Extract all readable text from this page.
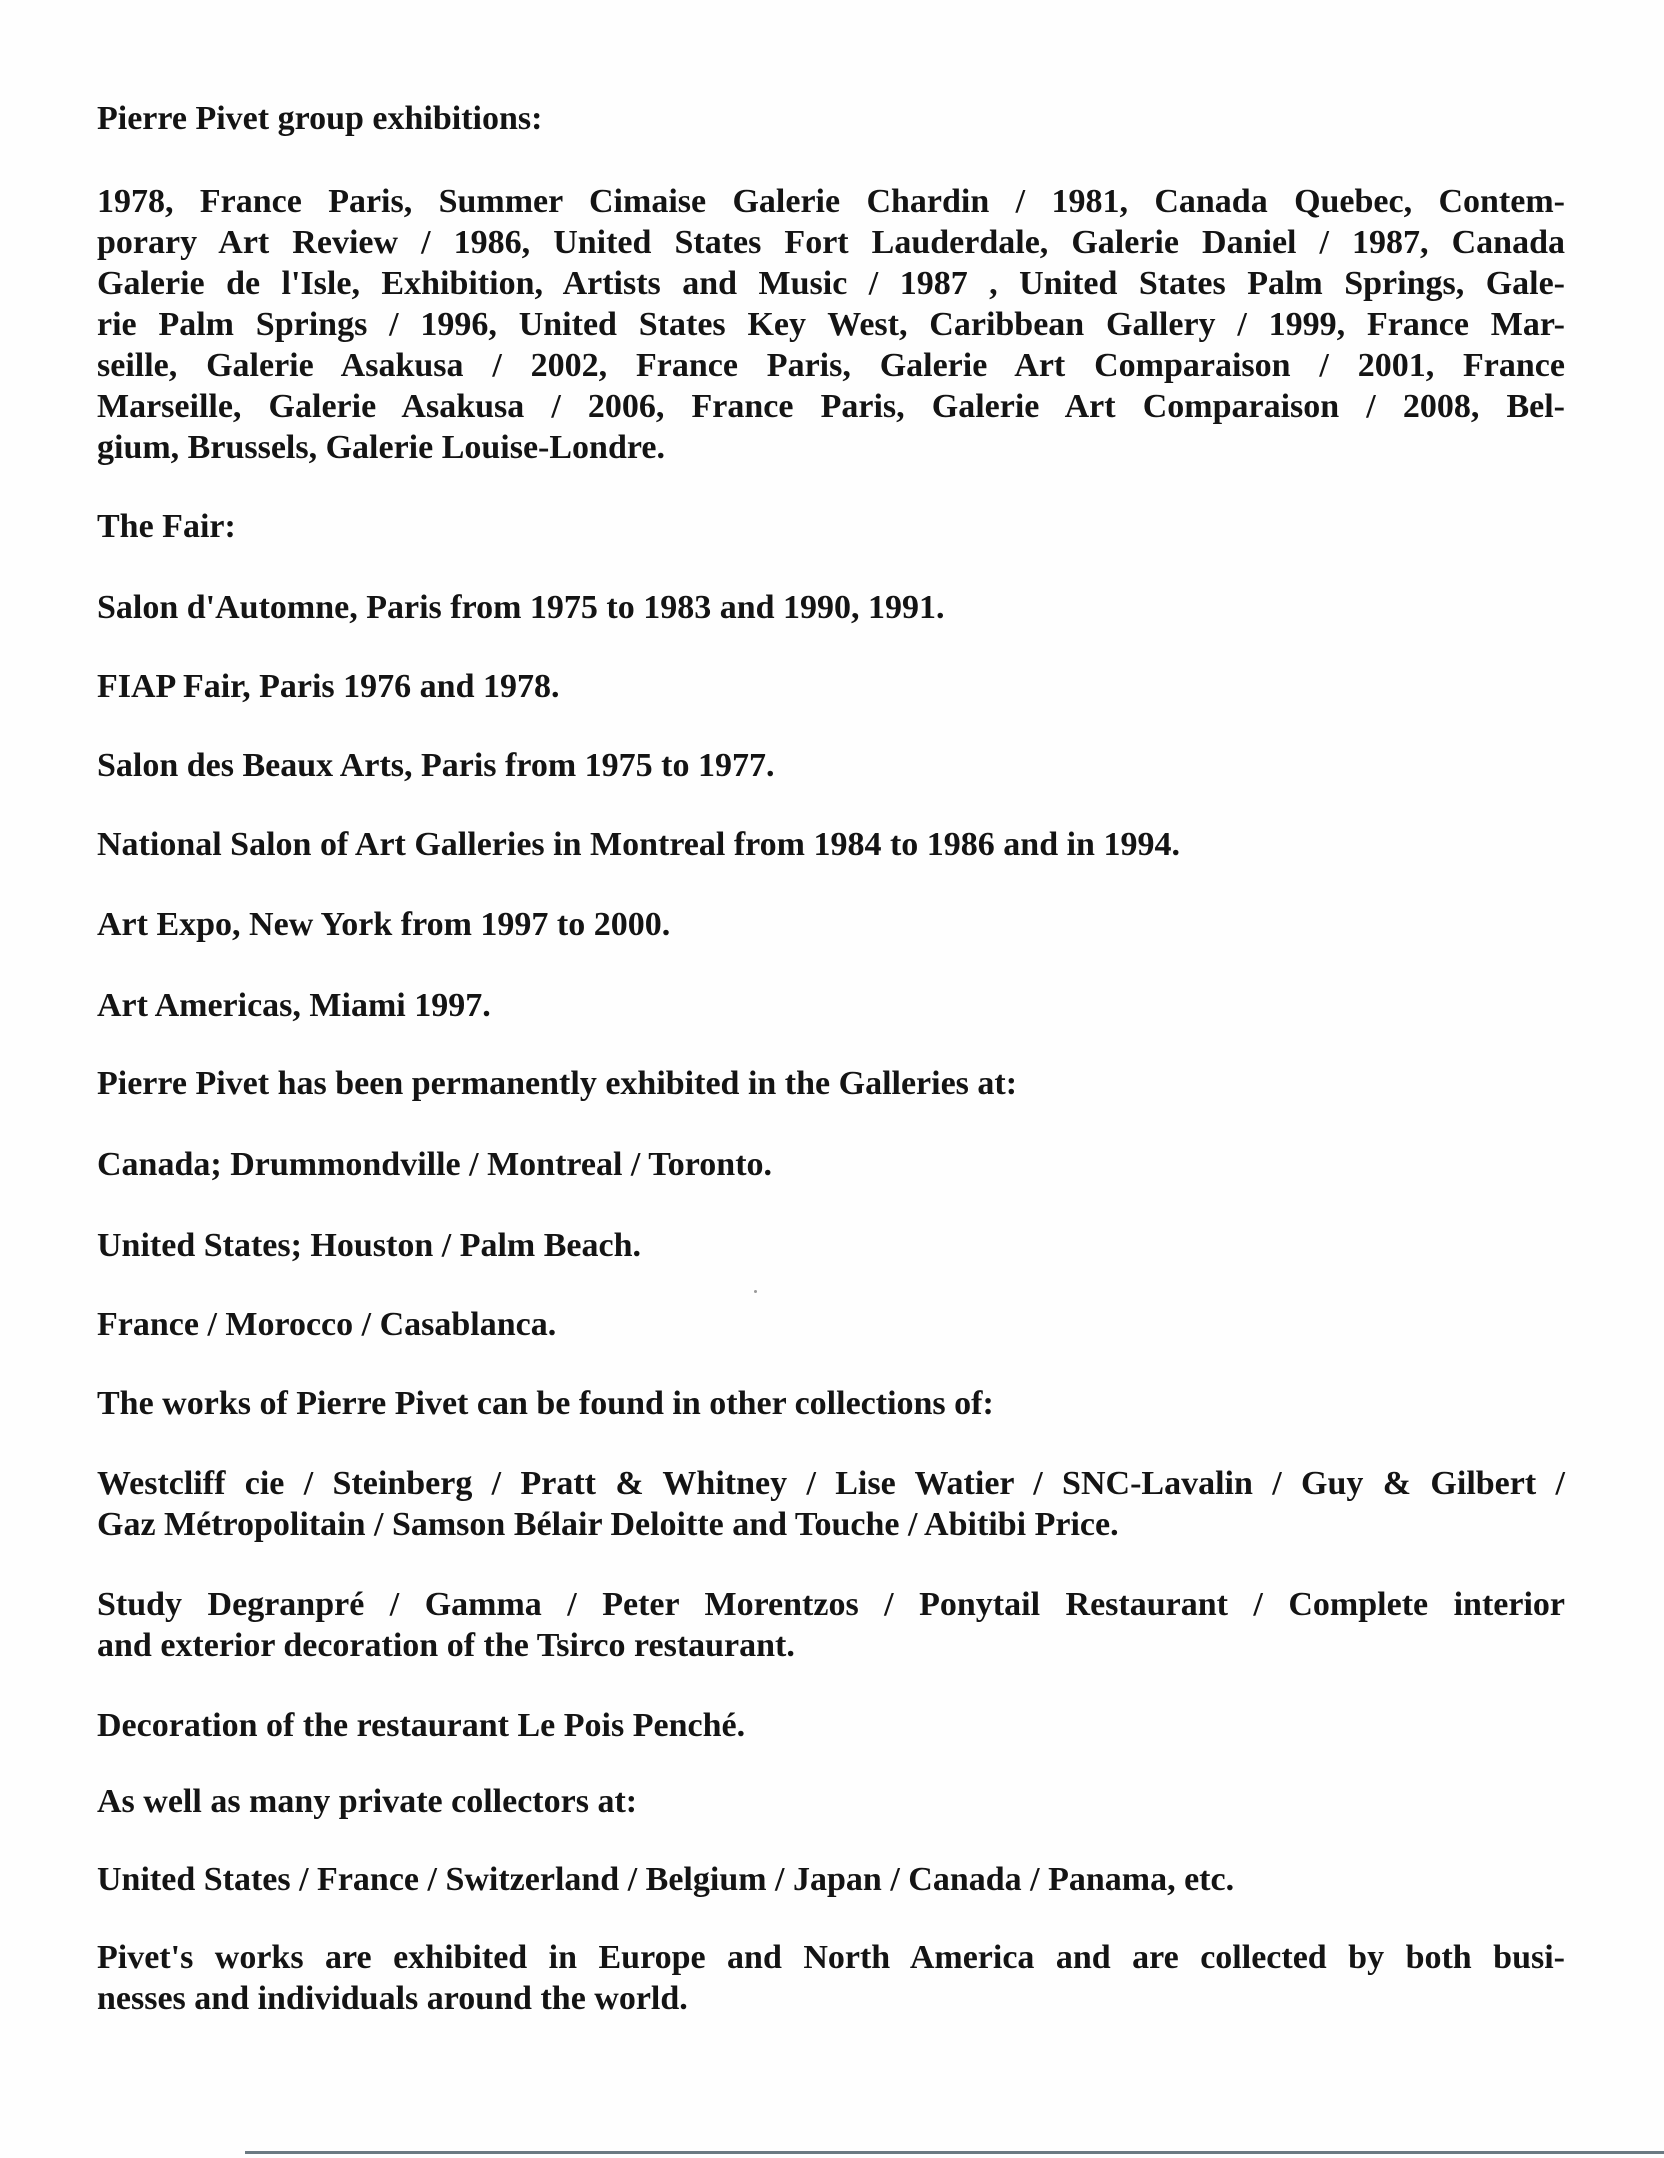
Pierre Pivet group exhibitions:

1978, France Paris, Summer Cimaise Galerie Chardin / 1981, Canada Quebec, Contem-
porary Art Review / 1986, United States Fort Lauderdale, Galerie Daniel / 1987, Canada
Galerie de l'Isle, Exhibition, Artists and Music / 1987 , United States Palm Springs, Gale-
rie Palm Springs / 1996, United States Key West, Caribbean Gallery / 1999, France Mar-
seille, Galerie Asakusa / 2002, France Paris, Galerie Art Comparaison / 2001, France
Marseille, Galerie Asakusa / 2006, France Paris, Galerie Art Comparaison / 2008, Bel-
gium, Brussels, Galerie Louise-Londre.

The Fair:

Salon d'Automne, Paris from 1975 to 1983 and 1990, 1991.

FIAP Fair, Paris 1976 and 1978.

Salon des Beaux Arts, Paris from 1975 to 1977.

National Salon of Art Galleries in Montreal from 1984 to 1986 and in 1994.

Art Expo, New York from 1997 to 2000.

Art Americas, Miami 1997.

Pierre Pivet has been permanently exhibited in the Galleries at:

Canada; Drummondville / Montreal / Toronto.

United States; Houston / Palm Beach.

France / Morocco / Casablanca.

The works of Pierre Pivet can be found in other collections of:

Westcliff cie / Steinberg / Pratt & Whitney / Lise Watier / SNC-Lavalin / Guy & Gilbert /
Gaz Métropolitain / Samson Bélair Deloitte and Touche / Abitibi Price.
Study Degranpré / Gamma / Peter Morentzos / Ponytail Restaurant / Complete interior
and exterior decoration of the Tsirco restaurant.

Decoration of the restaurant Le Pois Penché.

As well as many private collectors at:

United States / France / Switzerland / Belgium / Japan / Canada / Panama, etc.

Pivet's works are exhibited in Europe and North America and are collected by both busi-
nesses and individuals around the world.
